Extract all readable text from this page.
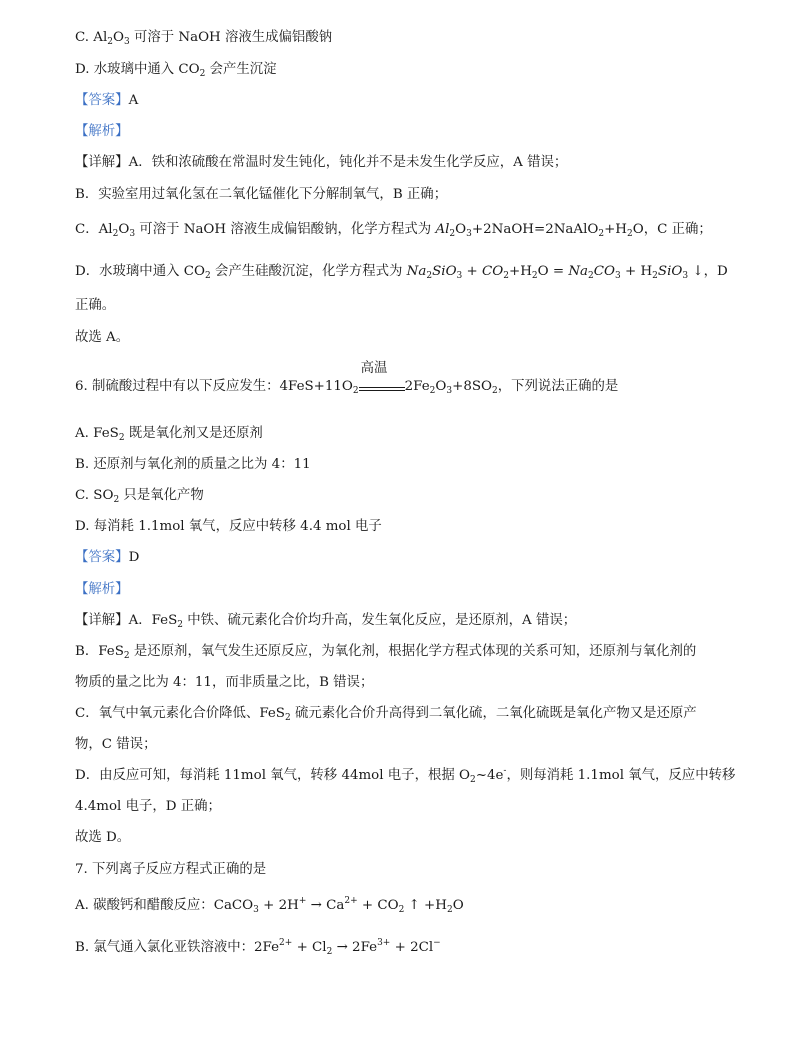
C. $Al_2O_3$ 可溶于 NaOH 溶液生成偏铝酸钠
D. 水玻璃中通入 $CO_2$ 会产生沉淀
【答案】A
【解析】
【详解】A．铁和浓硫酸在常温时发生钝化，钝化并不是未发生化学反应，A 错误；
B．实验室用过氧化氢在二氧化锰催化下分解制氧气，B 正确；
C．$Al_2O_3$ 可溶于 NaOH 溶液生成偏铝酸钠，化学方程式为 $Al_2O_3+2NaOH=2NaAlO_2+H_2O$，C 正确；
D．水玻璃中通入 $CO_2$ 会产生硅酸沉淀，化学方程式为 $Na_2SiO_3 + CO_2+H_2O = Na_2CO_3 + H_2SiO_3$ ↓，D
正确。
故选 A。
6. 制硫酸过程中有以下反应发生：$4FeS+11O_2$
高温
$2Fe_2O_3+8SO_2$，下列说法正确的是
A. FeS$_2$ 既是氧化剂又是还原剂
B. 还原剂与氧化剂的质量之比为 4：11
C. $SO_2$ 只是氧化产物
D. 每消耗 1.1mol 氧气，反应中转移 4.4 mol 电子
【答案】D
【解析】
【详解】A．FeS$_2$ 中铁、硫元素化合价均升高，发生氧化反应，是还原剂，A 错误；
B．FeS$_2$ 是还原剂，氧气发生还原反应，为氧化剂，根据化学方程式体现的关系可知，还原剂与氧化剂的
物质的量之比为 4：11，而非质量之比，B 错误；
C．氧气中氧元素化合价降低、FeS$_2$ 硫元素化合价升高得到二氧化硫，二氧化硫既是氧化产物又是还原产
物，C 错误；
D．由反应可知，每消耗 11mol 氧气，转移 44mol 电子，根据 $O_2\sim 4e^-$，则每消耗 1.1mol 氧气，反应中转移
4.4mol 电子，D 正确；
故选 D。
7. 下列离子反应方程式正确的是
A. 碳酸钙和醋酸反应：CaCO$_3$ + $2H^+ \to Ca^{2+} + CO_2$ ↑ $+H_2O$
B. 氯气通入氯化亚铁溶液中：$2Fe^{2+} + Cl_2 \to 2Fe^{3+} + 2Cl^-$
